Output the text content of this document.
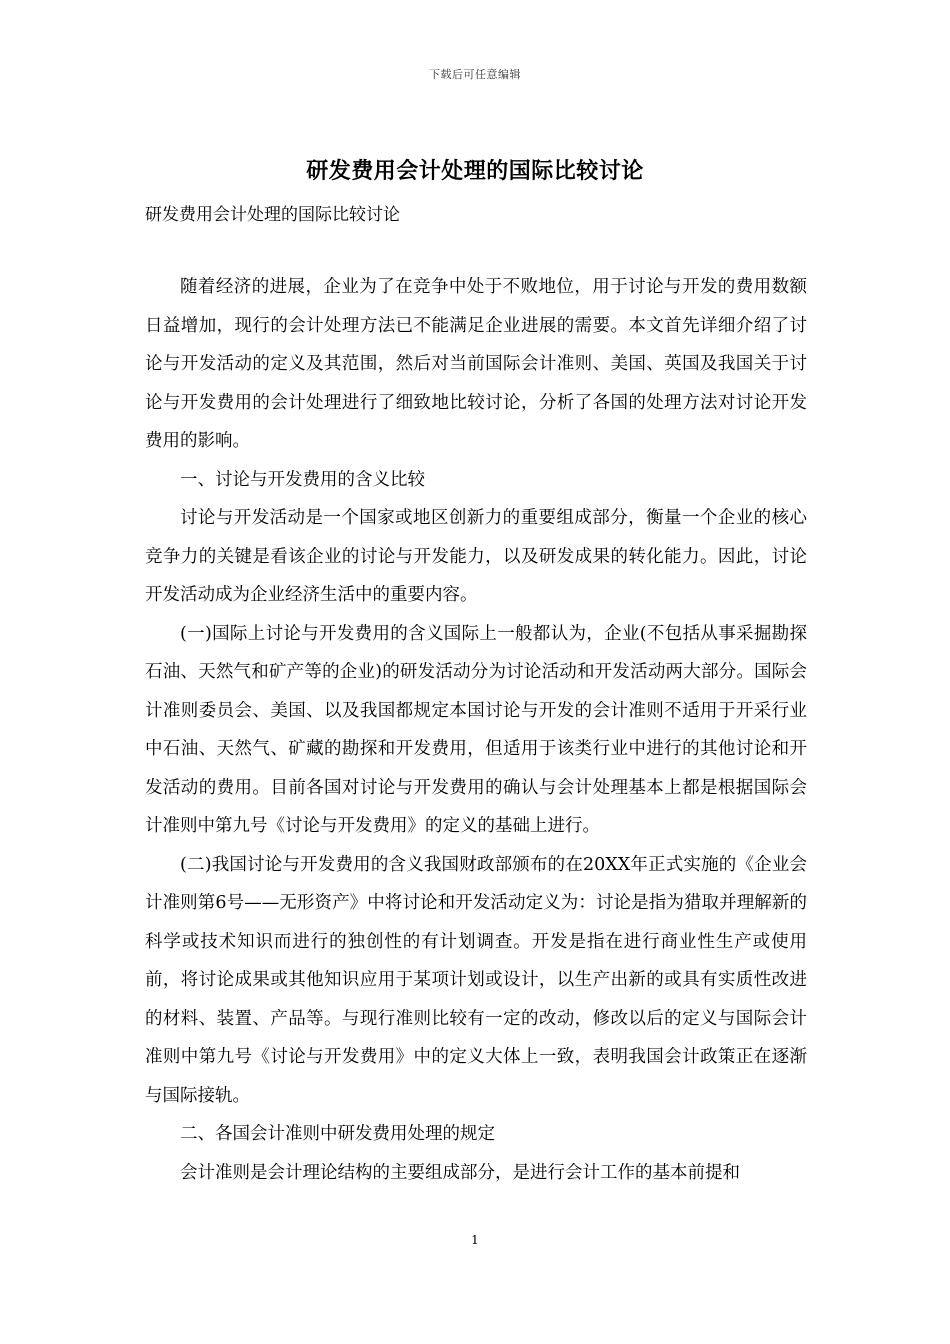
下载后可任意编辑
研发费用会计处理的国际比较讨论
研发费用会计处理的国际比较讨论

随着经济的进展，企业为了在竞争中处于不败地位，用于讨论与开发的费用数额日益增加，现行的会计处理方法已不能满足企业进展的需要。本文首先详细介绍了讨论与开发活动的定义及其范围，然后对当前国际会计准则、美国、英国及我国关于讨论与开发费用的会计处理进行了细致地比较讨论，分析了各国的处理方法对讨论开发费用的影响。

一、讨论与开发费用的含义比较

讨论与开发活动是一个国家或地区创新力的重要组成部分，衡量一个企业的核心竞争力的关键是看该企业的讨论与开发能力，以及研发成果的转化能力。因此，讨论开发活动成为企业经济生活中的重要内容。

(一)国际上讨论与开发费用的含义国际上一般都认为，企业(不包括从事采掘勘探石油、天然气和矿产等的企业)的研发活动分为讨论活动和开发活动两大部分。国际会计准则委员会、美国、以及我国都规定本国讨论与开发的会计准则不适用于开采行业中石油、天然气、矿藏的勘探和开发费用，但适用于该类行业中进行的其他讨论和开发活动的费用。目前各国对讨论与开发费用的确认与会计处理基本上都是根据国际会计准则中第九号《讨论与开发费用》的定义的基础上进行。

(二)我国讨论与开发费用的含义我国财政部颁布的在20XX年正式实施的《企业会计准则第6号——无形资产》中将讨论和开发活动定义为：讨论是指为猎取并理解新的科学或技术知识而进行的独创性的有计划调查。开发是指在进行商业性生产或使用前，将讨论成果或其他知识应用于某项计划或设计，以生产出新的或具有实质性改进的材料、装置、产品等。与现行准则比较有一定的改动，修改以后的定义与国际会计准则中第九号《讨论与开发费用》中的定义大体上一致，表明我国会计政策正在逐渐与国际接轨。

二、各国会计准则中研发费用处理的规定

会计准则是会计理论结构的主要组成部分，是进行会计工作的基本前提和

1
